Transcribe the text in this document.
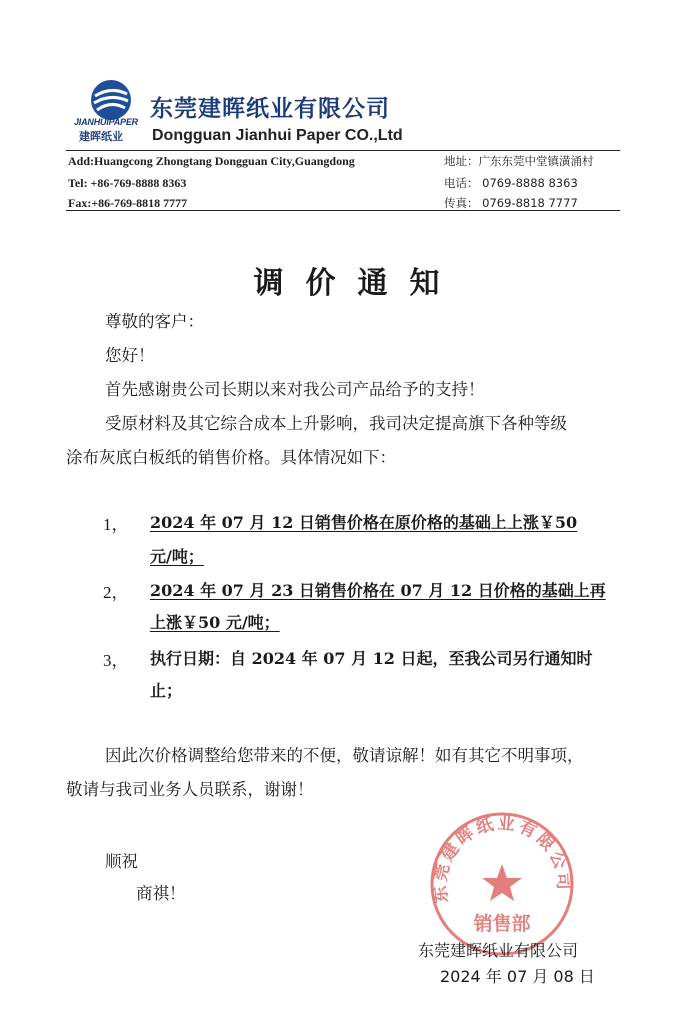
JIANHUIPAPER
建晖纸业
东莞建晖纸业有限公司
Dongguan Jianhui Paper CO.,Ltd
Add:Huangcong Zhongtang Dongguan City,Guangdong
Tel: +86-769-8888 8363
Fax:+86-769-8818 7777
地址：广东东莞中堂镇潢涌村
电话： 0769-8888 8363
传真： 0769-8818 7777
调价通知
尊敬的客户：
您好！
首先感谢贵公司长期以来对我公司产品给予的支持！
受原材料及其它综合成本上升影响，我司决定提高旗下各种等级
涂布灰底白板纸的销售价格。具体情况如下：
1， 2024 年 07 月 12 日销售价格在原价格的基础上上涨￥50
元/吨；
2， 2024 年 07 月 23 日销售价格在 07 月 12 日价格的基础上再
上涨￥50 元/吨；
3， 执行日期：自 2024 年 07 月 12 日起，至我公司另行通知时
止；
因此次价格调整给您带来的不便，敬请谅解！如有其它不明事项，
敬请与我司业务人员联系，谢谢！
顺祝
商祺！	东莞建晖纸业有限公司
销售部
东莞建晖纸业有限公司
2024 年 07 月 08 日
